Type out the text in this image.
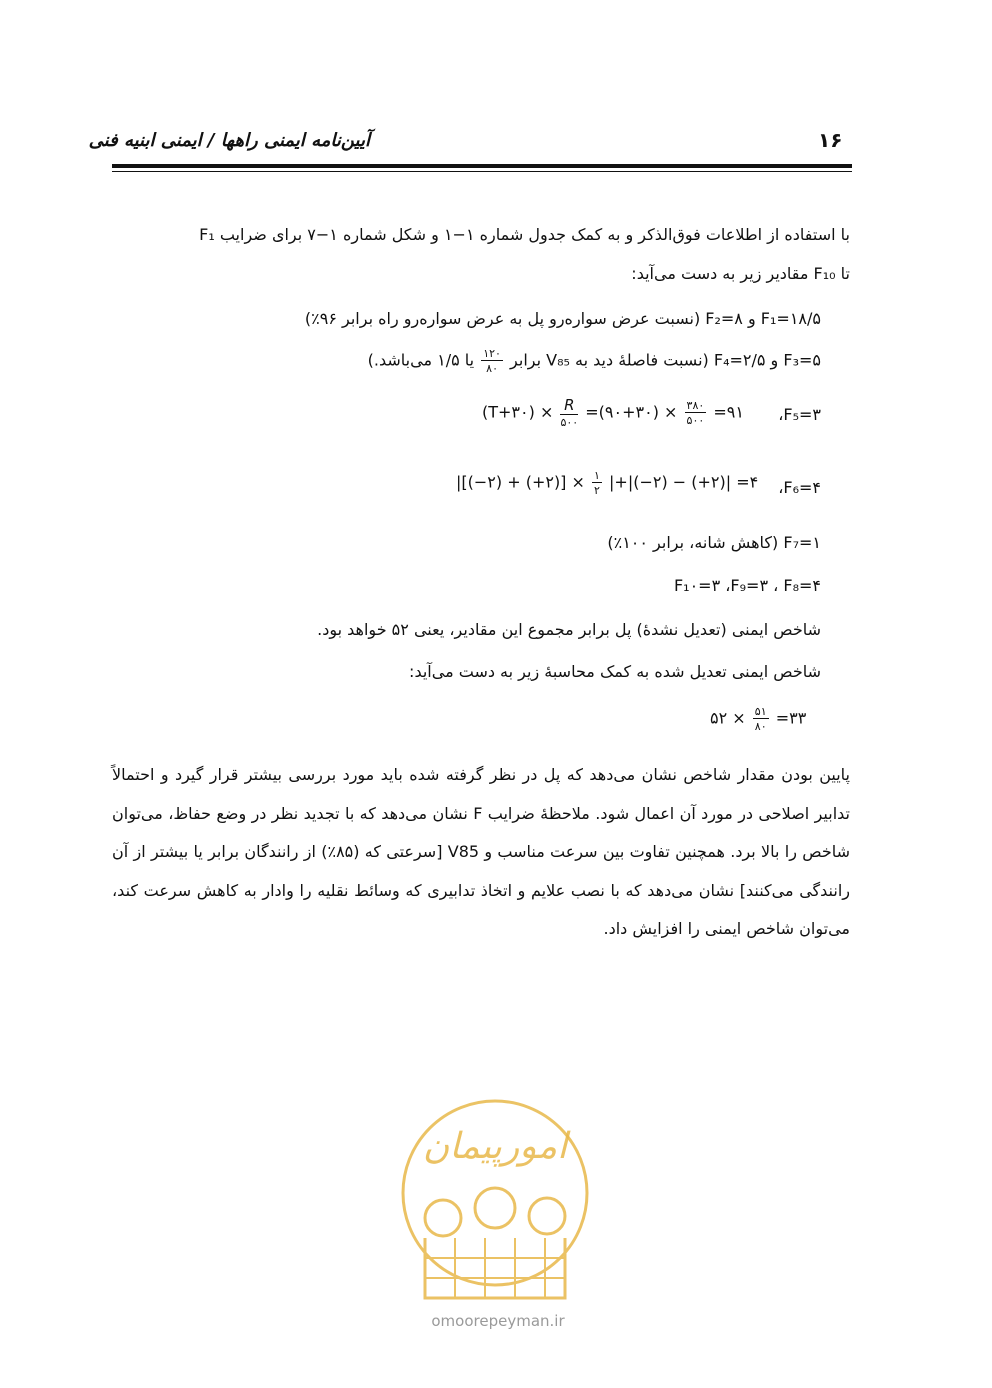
۱۶
آیین‌نامه ایمنی راهها / ایمنی ابنیه فنی
با استفاده از اطلاعات فوق‌الذکر و به کمک جدول شماره ۱−۱ و شکل شماره ۱−۷ برای ضرایب F₁
تا F₁₀ مقادیر زیر به دست می‌آید:
F₁=۱۸/۵ و F₂=۸ (نسبت عرض سواره‌رو پل به عرض سواره‌رو راه برابر ۹۶٪)
F₃=۵ و F₄=۲/۵ (نسبت فاصلهٔ دید به V₈₅ برابر
$\frac{۱۲۰}{۸۰}$
یا ۱/۵ می‌باشد.)
F₅=۳،
(T+۳۰) × $\frac{R}{۵۰۰}$ =(۹۰+۳۰) × $\frac{۳۸۰}{۵۰۰}$ =۹۱
F₆=۴،
|[(−۲) + (+۲)] × $\frac{۱}{۲}$ |+|(−۲) − (+۲)| =۴
F₇=۱ (کاهش شانه، برابر ۱۰۰٪)
F₁۰=۳ ،F₉=۳ ، F₈=۴
شاخص ایمنی (تعدیل نشدهٔ) پل برابر مجموع این مقادیر، یعنی ۵۲ خواهد بود.
شاخص ایمنی تعدیل شده به کمک محاسبهٔ زیر به دست می‌آید:
۵۲ × $\frac{۵۱}{۸۰}$ =۳۳
پایین بودن مقدار شاخص نشان می‌دهد که پل در نظر گرفته شده باید مورد بررسی بیشتر قرار گیرد و احتمالاً تدابیر اصلاحی در مورد آن اعمال شود. ملاحظهٔ ضرایب F نشان می‌دهد که با تجدید نظر در وضع حفاظ، می‌توان شاخص را بالا برد. همچنین تفاوت بین سرعت مناسب و V85 [سرعتی که (۸۵٪) از رانندگان برابر یا بیشتر از آن رانندگی می‌کنند] نشان می‌دهد که با نصب علایم و اتخاذ تدابیری که وسائط نقلیه را وادار به کاهش سرعت کند، می‌توان شاخص ایمنی را افزایش داد.
امورپیمان
omoorepeyman.ir
